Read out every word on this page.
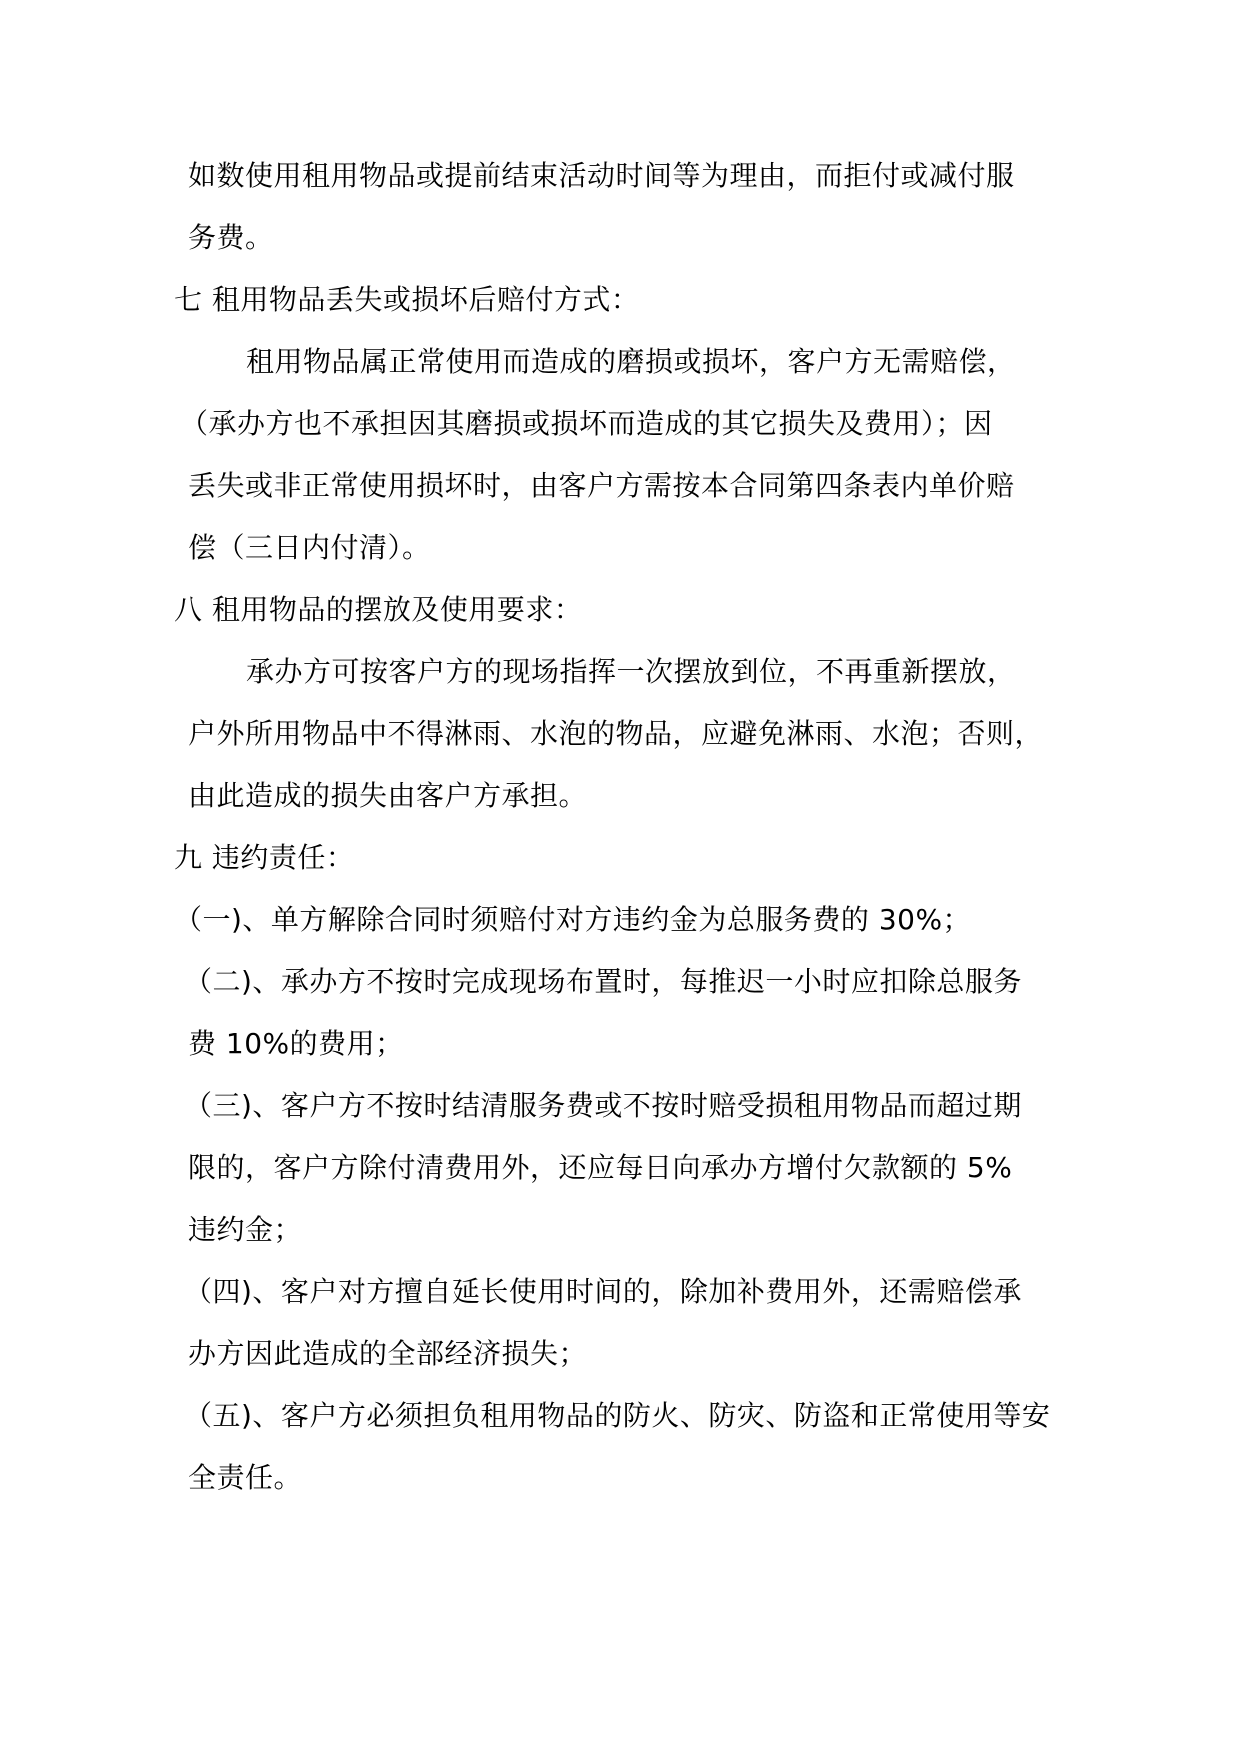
如数使用租用物品或提前结束活动时间等为理由，而拒付或减付服
务费。
七 租用物品丢失或损坏后赔付方式：
租用物品属正常使用而造成的磨损或损坏，客户方无需赔偿，
（承办方也不承担因其磨损或损坏而造成的其它损失及费用）；因
丢失或非正常使用损坏时，由客户方需按本合同第四条表内单价赔
偿（三日内付清）。
八 租用物品的摆放及使用要求：
承办方可按客户方的现场指挥一次摆放到位，不再重新摆放，
户外所用物品中不得淋雨、水泡的物品，应避免淋雨、水泡；否则，
由此造成的损失由客户方承担。
九 违约责任：
（一)、单方解除合同时须赔付对方违约金为总服务费的 30%；
（二)、承办方不按时完成现场布置时，每推迟一小时应扣除总服务
费 10%的费用；
（三)、客户方不按时结清服务费或不按时赔受损租用物品而超过期
限的，客户方除付清费用外，还应每日向承办方增付欠款额的 5%
违约金；
（四)、客户对方擅自延长使用时间的，除加补费用外，还需赔偿承
办方因此造成的全部经济损失；
（五)、客户方必须担负租用物品的防火、防灾、防盗和正常使用等安
全责任。
